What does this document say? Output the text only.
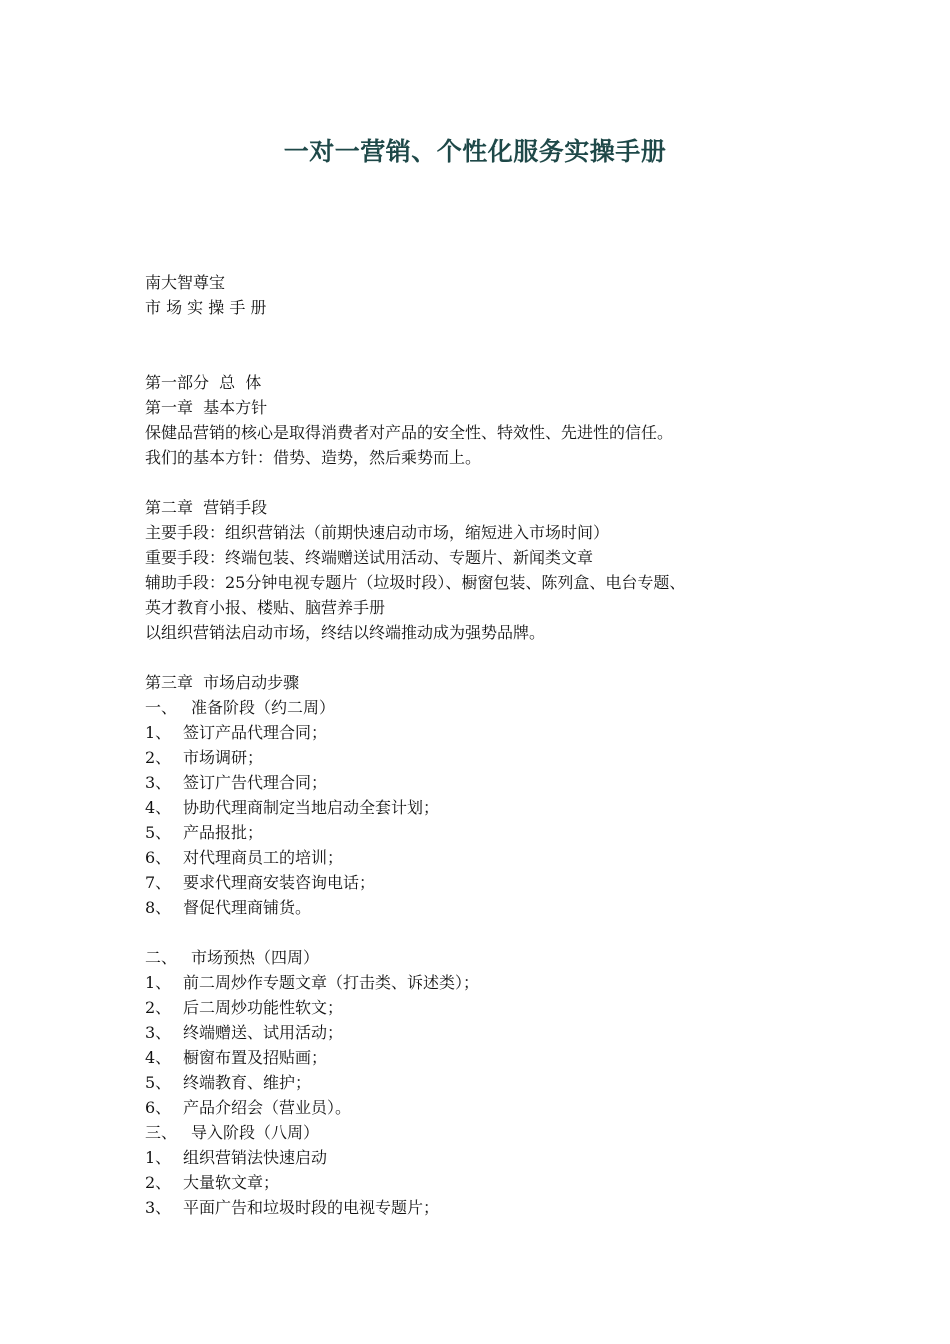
一对一营销、个性化服务实操手册
南大智尊宝
市 场 实 操 手 册
第一部分  总  体
第一章  基本方针
保健品营销的核心是取得消费者对产品的安全性、特效性、先进性的信任。
我们的基本方针：借势、造势，然后乘势而上。
第二章  营销手段
主要手段：组织营销法（前期快速启动市场，缩短进入市场时间）
重要手段：终端包装、终端赠送试用活动、专题片、新闻类文章
辅助手段：25分钟电视专题片（垃圾时段）、橱窗包装、陈列盒、电台专题、
英才教育小报、楼贴、脑营养手册
以组织营销法启动市场，终结以终端推动成为强势品牌。
第三章  市场启动步骤
一、 准备阶段（约二周）
1、 签订产品代理合同；
2、 市场调研；
3、 签订广告代理合同；
4、 协助代理商制定当地启动全套计划；
5、 产品报批；
6、 对代理商员工的培训；
7、 要求代理商安装咨询电话；
8、 督促代理商铺货。
二、 市场预热（四周）
1、 前二周炒作专题文章（打击类、诉述类）；
2、 后二周炒功能性软文；
3、 终端赠送、试用活动；
4、 橱窗布置及招贴画；
5、 终端教育、维护；
6、 产品介绍会（营业员）。
三、 导入阶段（八周）
1、 组织营销法快速启动
2、 大量软文章；
3、 平面广告和垃圾时段的电视专题片；
